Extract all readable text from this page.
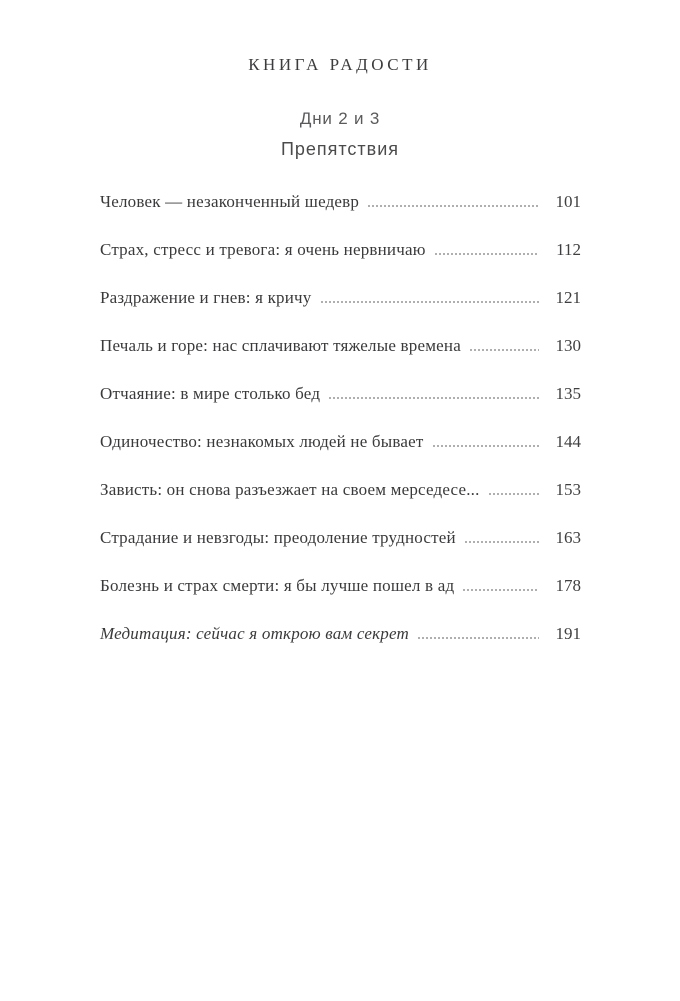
КНИГА РАДОСТИ
Дни 2 и 3
Препятствия
Человек — незаконченный шедевр	101
Страх, стресс и тревога: я очень нервничаю	112
Раздражение и гнев: я кричу	121
Печаль и горе: нас сплачивают тяжелые времена	130
Отчаяние: в мире столько бед	135
Одиночество: незнакомых людей не бывает	144
Зависть: он снова разъезжает на своем мерседесе...	153
Страдание и невзгоды: преодоление трудностей	163
Болезнь и страх смерти: я бы лучше пошел в ад	178
Медитация: сейчас я открою вам секрет	191
